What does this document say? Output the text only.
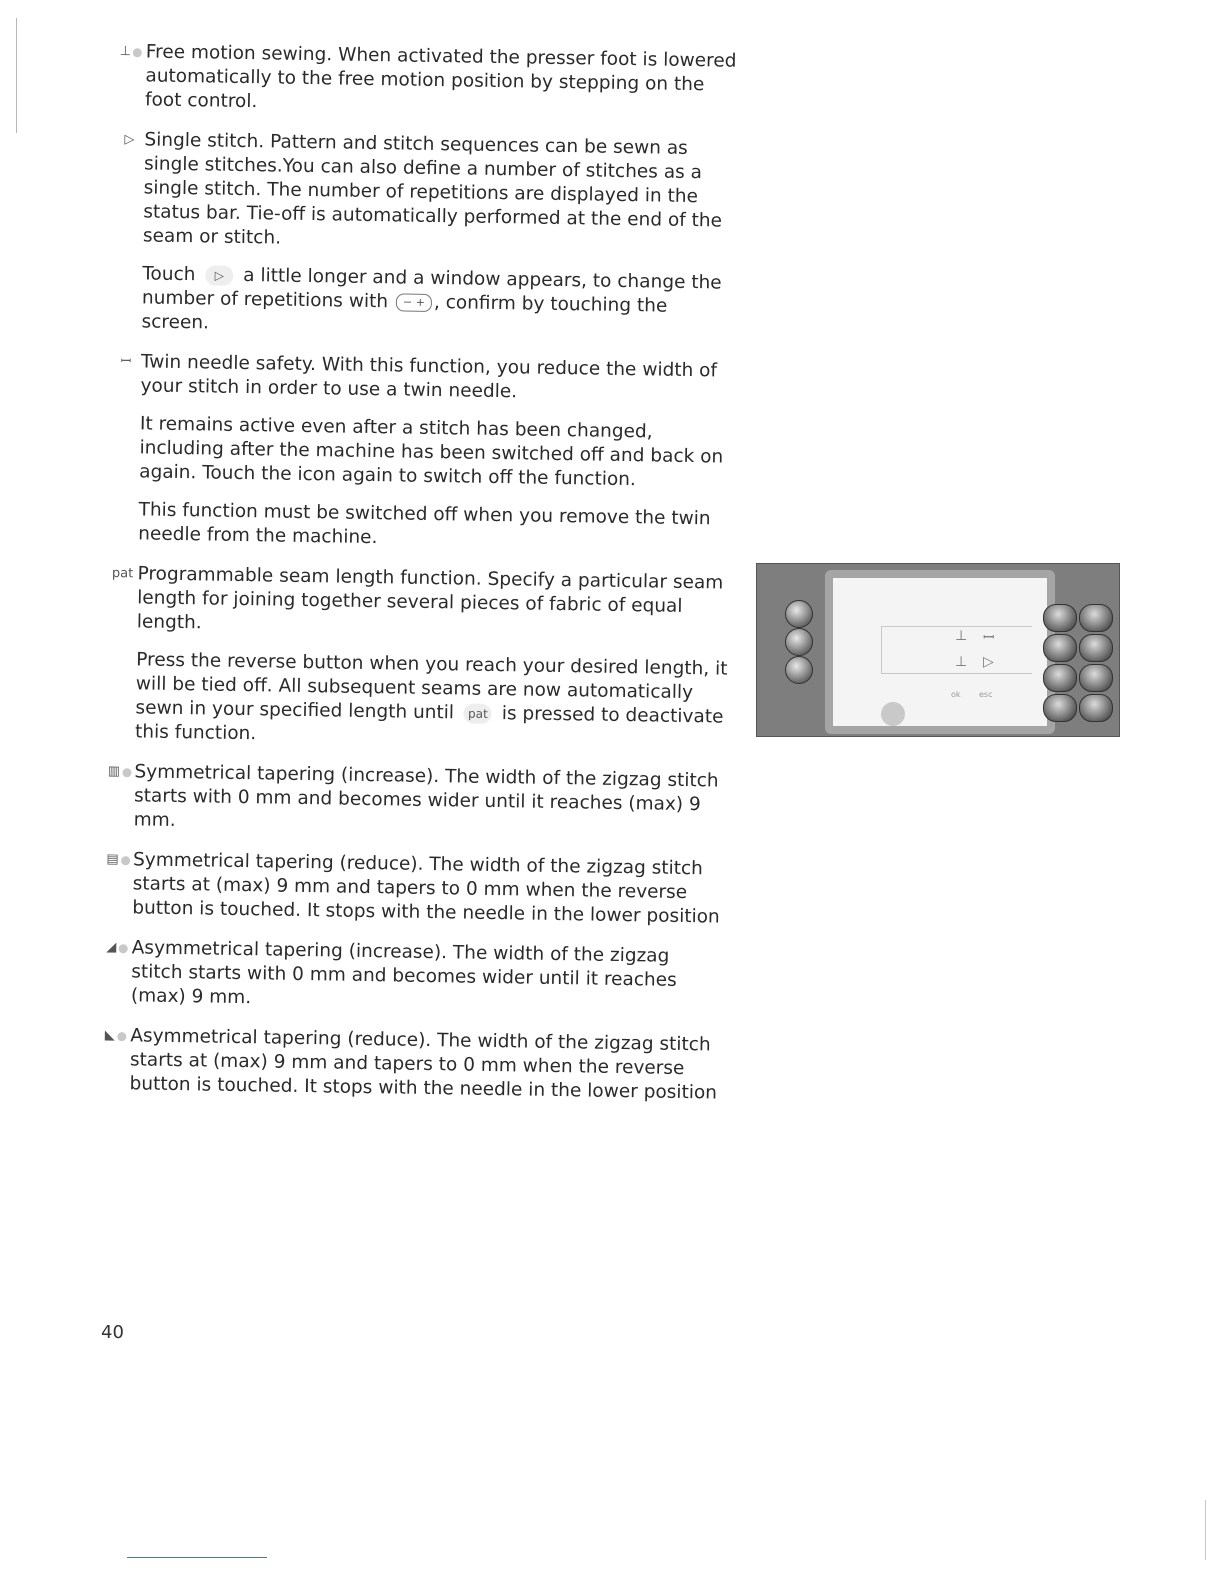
⊥ Free motion sewing. When activated the presser foot is lowered automatically to the free motion position by stepping on the foot control.

▷ Single stitch. Pattern and stitch sequences can be sewn as single stitches.You can also define a number of stitches as a single stitch. The number of repetitions are displayed in the status bar. Tie-off is automatically performed at the end of the seam or stitch.

Touch ▷ a little longer and a window appears, to change the number of repetitions with − + , confirm by touching the screen.

ꟷ Twin needle safety. With this function, you reduce the width of your stitch in order to use a twin needle.

It remains active even after a stitch has been changed, including after the machine has been switched off and back on again. Touch the icon again to switch off the function.

This function must be switched off when you remove the twin needle from the machine.

pat Programmable seam length function. Specify a particular seam length for joining together several pieces of fabric of equal length.

Press the reverse button when you reach your desired length, it will be tied off. All subsequent seams are now automatically sewn in your specified length until pat is pressed to deactivate this function.

▥ Symmetrical tapering (increase). The width of the zigzag stitch starts with 0 mm and becomes wider until it reaches (max) 9 mm.

▤ Symmetrical tapering (reduce). The width of the zigzag stitch starts at (max) 9 mm and tapers to 0 mm when the reverse button is touched. It stops with the needle in the lower position

◢ Asymmetrical tapering (increase). The width of the zigzag stitch starts with 0 mm and becomes wider until it reaches (max) 9 mm.

◣ Asymmetrical tapering (reduce). The width of the zigzag stitch starts at (max) 9 mm and tapers to 0 mm when the reverse button is touched. It stops with the needle in the lower position

⊥ ꟷ
⊥ ▷
ok esc
40
